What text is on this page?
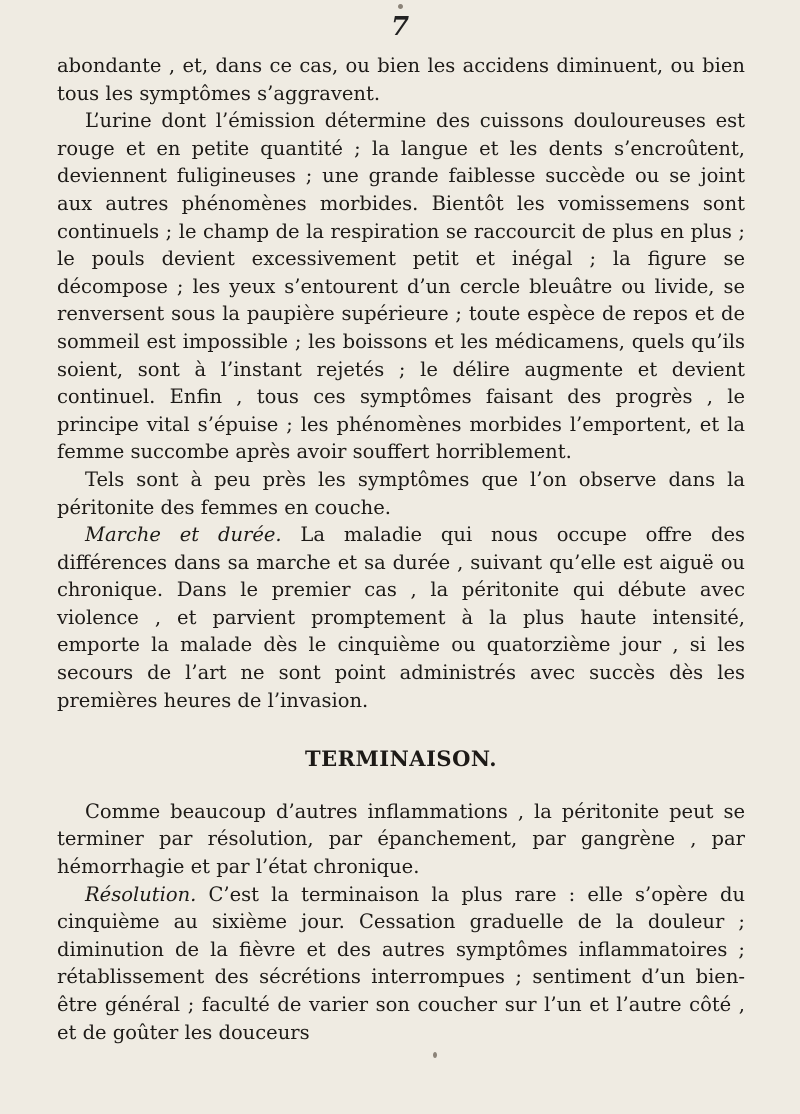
7

abondante , et, dans ce cas, ou bien les accidens diminuent, ou bien tous les symptômes s’aggravent.

L’urine dont l’émission détermine des cuissons douloureuses est rouge et en petite quantité ; la langue et les dents s’encroûtent, deviennent fuligineuses ; une grande faiblesse succède ou se joint aux autres phénomènes morbides. Bientôt les vomissemens sont continuels ; le champ de la respiration se raccourcit de plus en plus ; le pouls devient excessivement petit et inégal ; la figure se décompose ; les yeux s’entourent d’un cercle bleuâtre ou livide, se renversent sous la paupière supérieure ; toute espèce de repos et de sommeil est impossible ; les boissons et les médicamens, quels qu’ils soient, sont à l’instant rejetés ; le délire augmente et devient continuel. Enfin , tous ces symptômes faisant des progrès , le principe vital s’épuise ; les phénomènes morbides l’emportent, et la femme succombe après avoir souffert horriblement.

Tels sont à peu près les symptômes que l’on observe dans la péritonite des femmes en couche.

Marche et durée. La maladie qui nous occupe offre des différences dans sa marche et sa durée , suivant qu’elle est aiguë ou chronique. Dans le premier cas , la péritonite qui débute avec violence , et parvient promptement à la plus haute intensité, emporte la malade dès le cinquième ou quatorzième jour , si les secours de l’art ne sont point administrés avec succès dès les premières heures de l’invasion.

TERMINAISON.

Comme beaucoup d’autres inflammations , la péritonite peut se terminer par résolution, par épanchement, par gangrène , par hémorrhagie et par l’état chronique.

Résolution. C’est la terminaison la plus rare : elle s’opère du cinquième au sixième jour. Cessation graduelle de la douleur ; diminution de la fièvre et des autres symptômes inflammatoires ; rétablissement des sécrétions interrompues ; sentiment d’un bien-être général ; faculté de varier son coucher sur l’un et l’autre côté , et de goûter les douceurs
